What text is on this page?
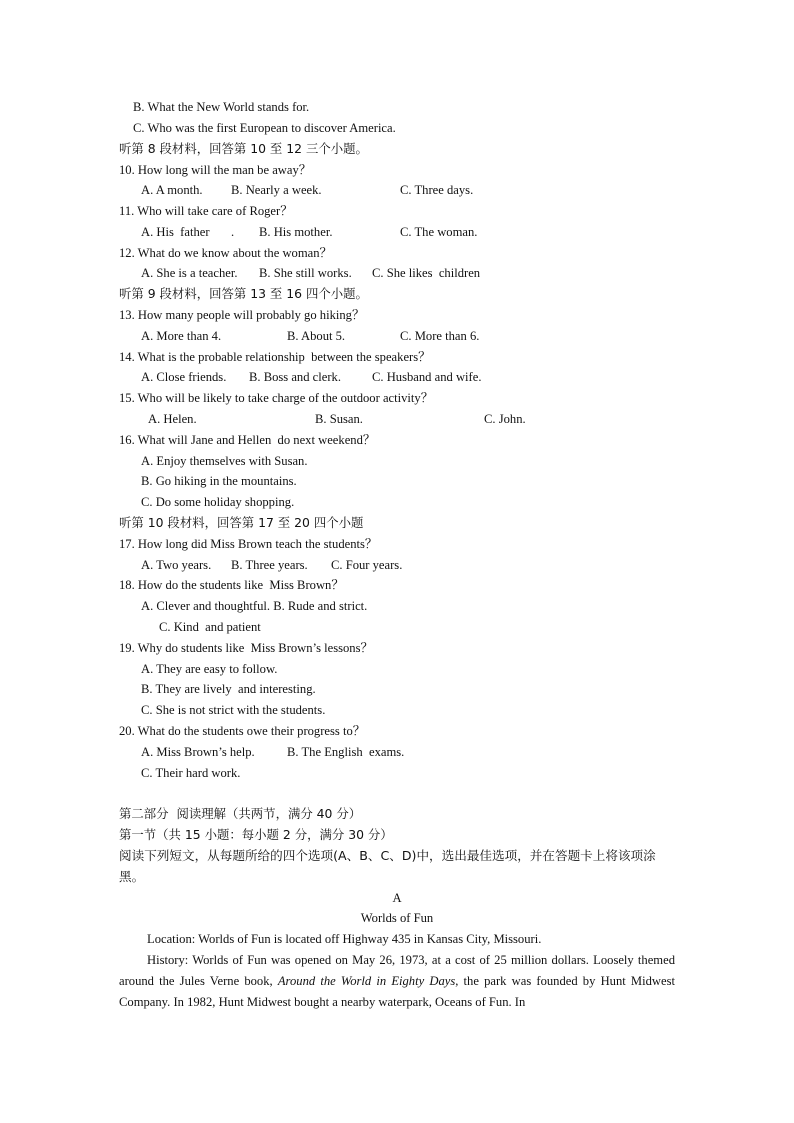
B. What the New World stands for.
C. Who was the first European to discover America.
听第 8 段材料，回答第 10 至 12 三个小题。
10. How long will the man be away？
A. A month. B. Nearly a week.	C. Three days.
11. Who will take care of Roger？
A. His  father . B. His mother.	C. The woman.
12. What do we know about the woman？
A. She is a teacher. B. She still works. C. She likes  children
听第 9 段材料，回答第 13 至 16 四个小题。
13. How many people will probably go hiking？
A. More than 4.	B. About 5.	C. More than 6.
14. What is the probable relationship  between the speakers？
A. Close friends. B. Boss and clerk. C. Husband and wife.
15. Who will be likely to take charge of the outdoor activity？
A. Helen.	B. Susan.	C. John.
16. What will Jane and Hellen  do next weekend？
A. Enjoy themselves with Susan.
B. Go hiking in the mountains.
C. Do some holiday shopping.
听第 10 段材料，回答第 17 至 20 四个小题
17. How long did Miss Brown teach the students？
A. Two years. B. Three years. C. Four years.
18. How do the students like  Miss Brown？
A. Clever and thoughtful. B. Rude and strict.
C. Kind  and patient
19. Why do students like  Miss Brown’s lessons？
A. They are easy to follow.
B. They are lively  and interesting.
C. She is not strict with the students.
20. What do the students owe their progress to？
A. Miss Brown’s help.	B. The English  exams.
C. Their hard work.
第二部分  阅读理解（共两节，满分 40 分）
第一节（共 15 小题：每小题 2 分，满分 30 分）
阅读下列短文，从每题所给的四个选项(A、B、C、D)中，选出最佳选项，并在答题卡上将该项涂黑。
A
Worlds of Fun
Location: Worlds of Fun is located off Highway 435 in Kansas City, Missouri.
History: Worlds of Fun was opened on May 26, 1973, at a cost of 25 million dollars. Loosely themed around the Jules Verne book, Around the World in Eighty Days, the park was founded by Hunt Midwest Company. In 1982, Hunt Midwest bought a nearby waterpark, Oceans of Fun. In
